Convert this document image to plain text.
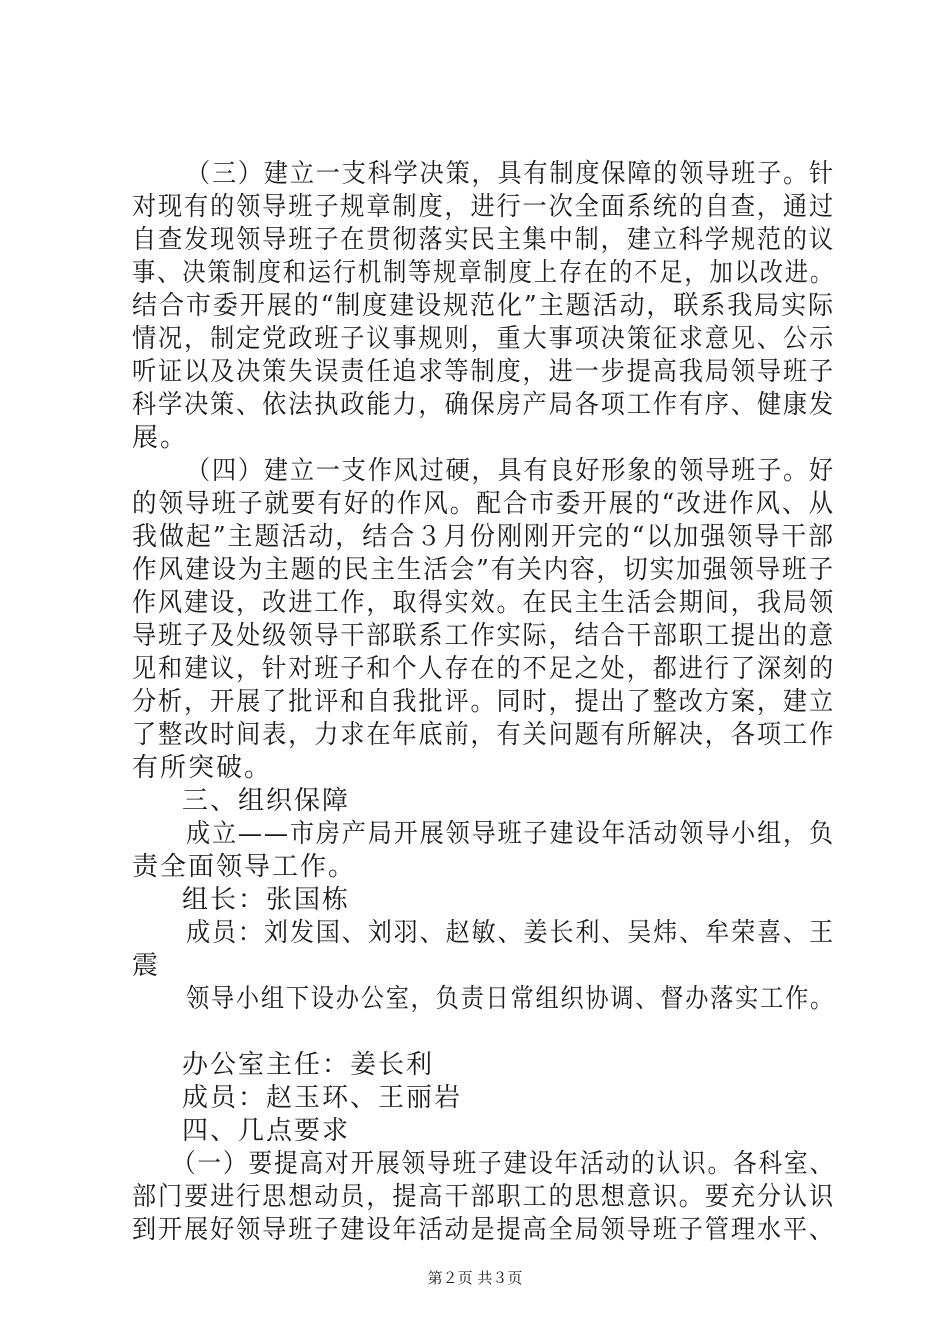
（三）建立一支科学决策，具有制度保障的领导班子。针
对现有的领导班子规章制度，进行一次全面系统的自查，通过
自查发现领导班子在贯彻落实民主集中制，建立科学规范的议
事、决策制度和运行机制等规章制度上存在的不足，加以改进。
结合市委开展的“制度建设规范化”主题活动，联系我局实际
情况，制定党政班子议事规则，重大事项决策征求意见、公示
听证以及决策失误责任追求等制度，进一步提高我局领导班子
科学决策、依法执政能力，确保房产局各项工作有序、健康发
展。
（四）建立一支作风过硬，具有良好形象的领导班子。好
的领导班子就要有好的作风。配合市委开展的“改进作风、从
我做起”主题活动，结合３月份刚刚开完的“以加强领导干部
作风建设为主题的民主生活会”有关内容，切实加强领导班子
作风建设，改进工作，取得实效。在民主生活会期间，我局领
导班子及处级领导干部联系工作实际，结合干部职工提出的意
见和建议，针对班子和个人存在的不足之处，都进行了深刻的
分析，开展了批评和自我批评。同时，提出了整改方案，建立
了整改时间表，力求在年底前，有关问题有所解决，各项工作
有所突破。
三、组织保障
成立——市房产局开展领导班子建设年活动领导小组，负
责全面领导工作。
组长：张国栋
成员：刘发国、刘羽、赵敏、姜长利、吴炜、牟荣喜、王
震
领导小组下设办公室，负责日常组织协调、督办落实工作。
办公室主任：姜长利
成员：赵玉环、王丽岩
四、几点要求
（一）要提高对开展领导班子建设年活动的认识。各科室、
部门要进行思想动员，提高干部职工的思想意识。要充分认识
到开展好领导班子建设年活动是提高全局领导班子管理水平、
第２页 共３页
